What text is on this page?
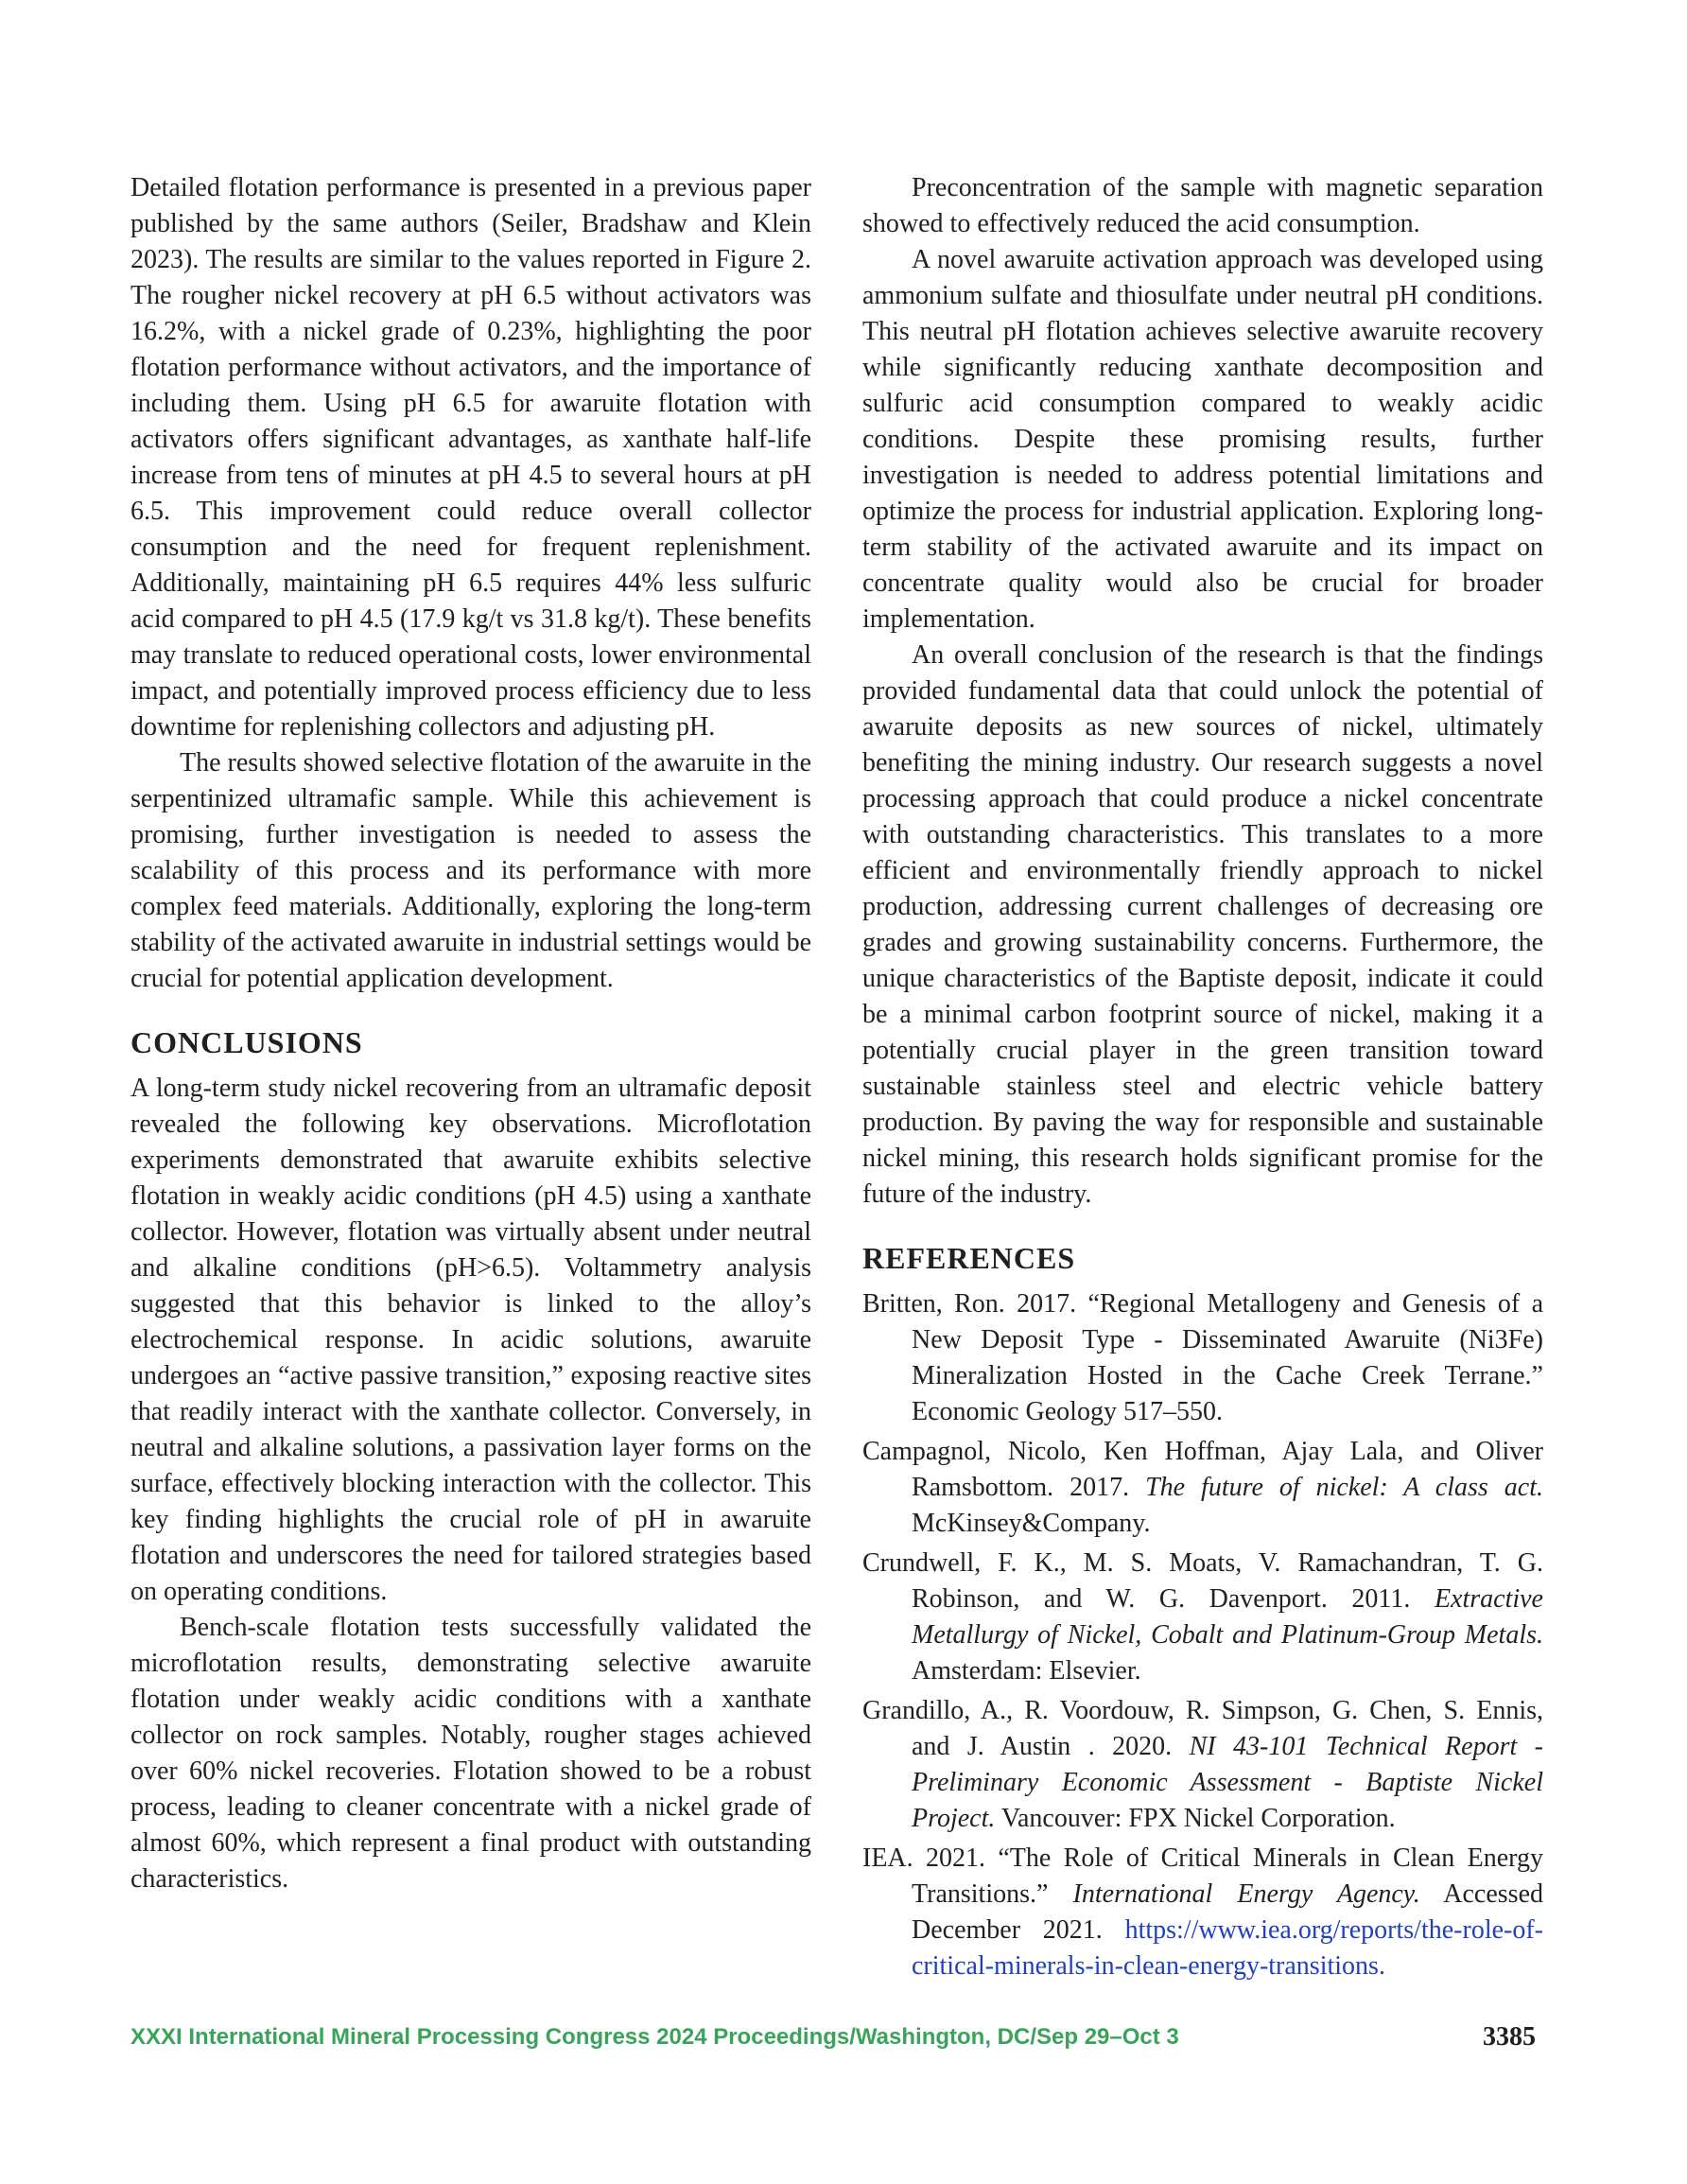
Detailed flotation performance is presented in a previous paper published by the same authors (Seiler, Bradshaw and Klein 2023). The results are similar to the values reported in Figure 2. The rougher nickel recovery at pH 6.5 without activators was 16.2%, with a nickel grade of 0.23%, highlighting the poor flotation performance without activators, and the importance of including them. Using pH 6.5 for awaruite flotation with activators offers significant advantages, as xanthate half-life increase from tens of minutes at pH 4.5 to several hours at pH 6.5. This improvement could reduce overall collector consumption and the need for frequent replenishment. Additionally, maintaining pH 6.5 requires 44% less sulfuric acid compared to pH 4.5 (17.9 kg/t vs 31.8 kg/t). These benefits may translate to reduced operational costs, lower environmental impact, and potentially improved process efficiency due to less downtime for replenishing collectors and adjusting pH.

The results showed selective flotation of the awaruite in the serpentinized ultramafic sample. While this achievement is promising, further investigation is needed to assess the scalability of this process and its performance with more complex feed materials. Additionally, exploring the long-term stability of the activated awaruite in industrial settings would be crucial for potential application development.

CONCLUSIONS

A long-term study nickel recovering from an ultramafic deposit revealed the following key observations. Microflotation experiments demonstrated that awaruite exhibits selective flotation in weakly acidic conditions (pH 4.5) using a xanthate collector. However, flotation was virtually absent under neutral and alkaline conditions (pH>6.5). Voltammetry analysis suggested that this behavior is linked to the alloy’s electrochemical response. In acidic solutions, awaruite undergoes an “active passive transition,” exposing reactive sites that readily interact with the xanthate collector. Conversely, in neutral and alkaline solutions, a passivation layer forms on the surface, effectively blocking interaction with the collector. This key finding highlights the crucial role of pH in awaruite flotation and underscores the need for tailored strategies based on operating conditions.

Bench-scale flotation tests successfully validated the microflotation results, demonstrating selective awaruite flotation under weakly acidic conditions with a xanthate collector on rock samples. Notably, rougher stages achieved over 60% nickel recoveries. Flotation showed to be a robust process, leading to cleaner concentrate with a nickel grade of almost 60%, which represent a final product with outstanding characteristics.

Preconcentration of the sample with magnetic separation showed to effectively reduced the acid consumption.

A novel awaruite activation approach was developed using ammonium sulfate and thiosulfate under neutral pH conditions. This neutral pH flotation achieves selective awaruite recovery while significantly reducing xanthate decomposition and sulfuric acid consumption compared to weakly acidic conditions. Despite these promising results, further investigation is needed to address potential limitations and optimize the process for industrial application. Exploring long-term stability of the activated awaruite and its impact on concentrate quality would also be crucial for broader implementation.

An overall conclusion of the research is that the findings provided fundamental data that could unlock the potential of awaruite deposits as new sources of nickel, ultimately benefiting the mining industry. Our research suggests a novel processing approach that could produce a nickel concentrate with outstanding characteristics. This translates to a more efficient and environmentally friendly approach to nickel production, addressing current challenges of decreasing ore grades and growing sustainability concerns. Furthermore, the unique characteristics of the Baptiste deposit, indicate it could be a minimal carbon footprint source of nickel, making it a potentially crucial player in the green transition toward sustainable stainless steel and electric vehicle battery production. By paving the way for responsible and sustainable nickel mining, this research holds significant promise for the future of the industry.

REFERENCES
Britten, Ron. 2017. “Regional Metallogeny and Genesis of a New Deposit Type - Disseminated Awaruite (Ni3Fe) Mineralization Hosted in the Cache Creek Terrane.” Economic Geology 517–550.
Campagnol, Nicolo, Ken Hoffman, Ajay Lala, and Oliver Ramsbottom. 2017. The future of nickel: A class act. McKinsey&Company.
Crundwell, F. K., M. S. Moats, V. Ramachandran, T. G. Robinson, and W. G. Davenport. 2011. Extractive Metallurgy of Nickel, Cobalt and Platinum-Group Metals. Amsterdam: Elsevier.
Grandillo, A., R. Voordouw, R. Simpson, G. Chen, S. Ennis, and J. Austin . 2020. NI 43-101 Technical Report - Preliminary Economic Assessment - Baptiste Nickel Project. Vancouver: FPX Nickel Corporation.
IEA. 2021. “The Role of Critical Minerals in Clean Energy Transitions.” International Energy Agency. Accessed December 2021. https://www.iea.org/reports/the-role-of-critical-minerals-in-clean-energy-transitions.
XXXI International Mineral Processing Congress 2024 Proceedings/Washington, DC/Sep 29–Oct 3	3385
